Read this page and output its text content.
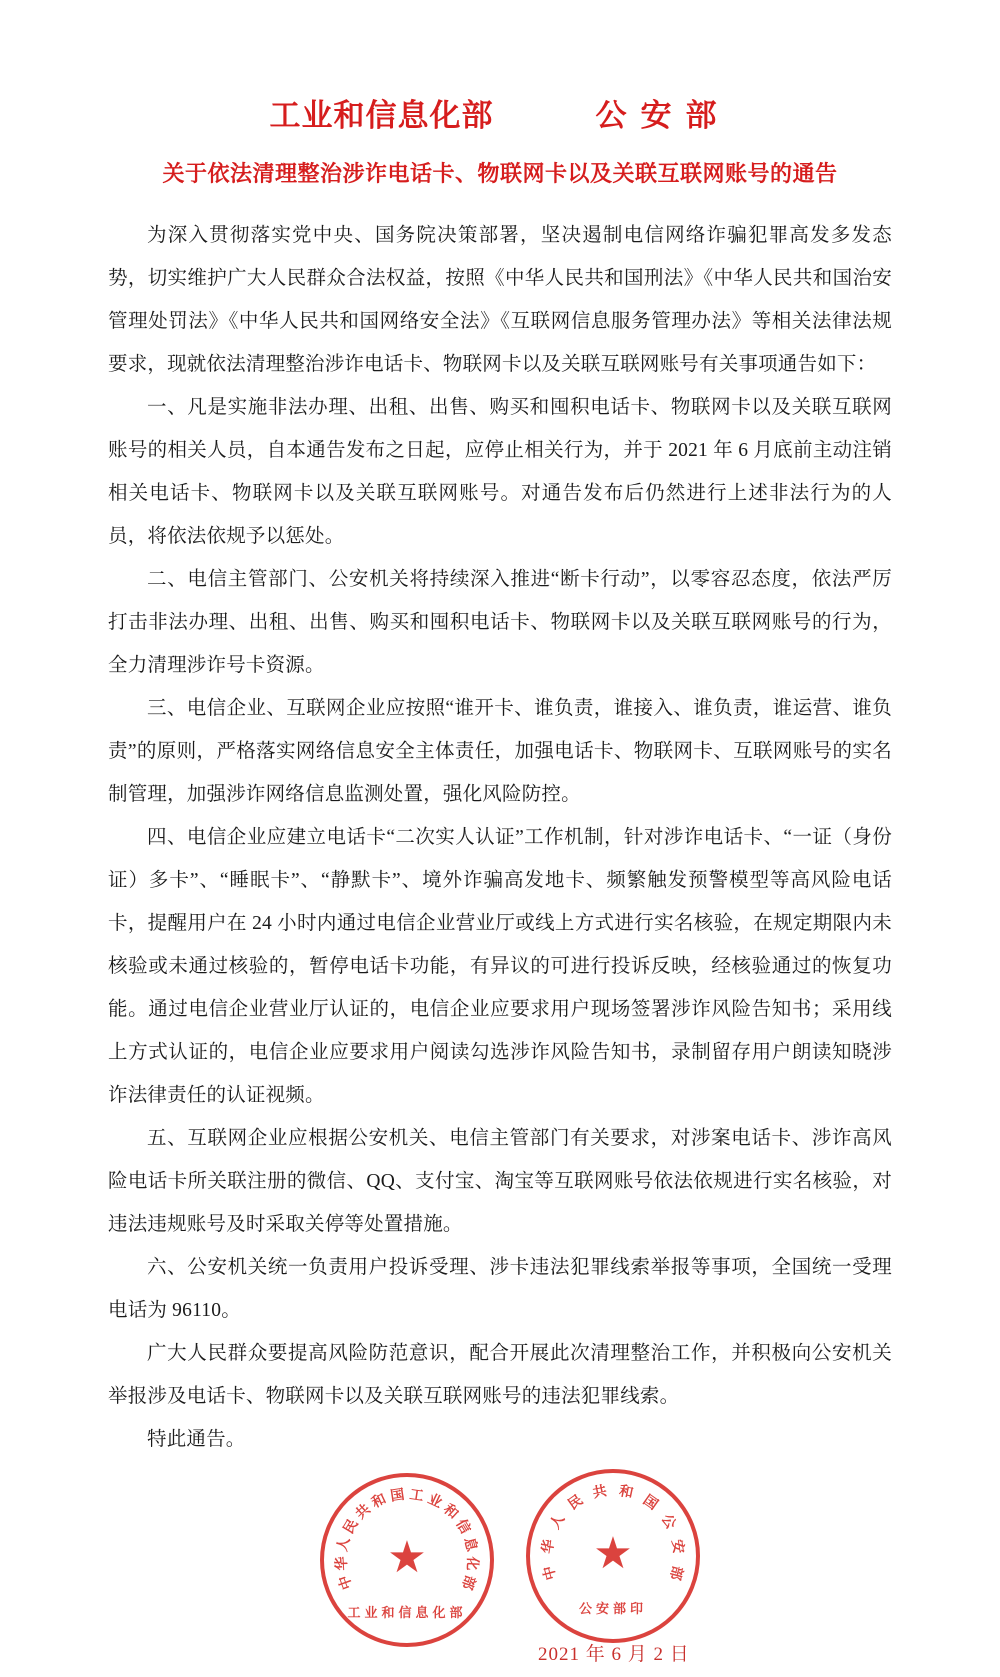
工业和信息化部	公安部
关于依法清理整治涉诈电话卡、物联网卡以及关联互联网账号的通告

为深入贯彻落实党中央、国务院决策部署，坚决遏制电信网络诈骗犯罪高发多发态势，切实维护广大人民群众合法权益，按照《中华人民共和国刑法》《中华人民共和国治安管理处罚法》《中华人民共和国网络安全法》《互联网信息服务管理办法》等相关法律法规要求，现就依法清理整治涉诈电话卡、物联网卡以及关联互联网账号有关事项通告如下：

一、凡是实施非法办理、出租、出售、购买和囤积电话卡、物联网卡以及关联互联网账号的相关人员，自本通告发布之日起，应停止相关行为，并于 2021 年 6 月底前主动注销相关电话卡、物联网卡以及关联互联网账号。对通告发布后仍然进行上述非法行为的人员，将依法依规予以惩处。

二、电信主管部门、公安机关将持续深入推进“断卡行动”，以零容忍态度，依法严厉打击非法办理、出租、出售、购买和囤积电话卡、物联网卡以及关联互联网账号的行为，全力清理涉诈号卡资源。

三、电信企业、互联网企业应按照“谁开卡、谁负责，谁接入、谁负责，谁运营、谁负责”的原则，严格落实网络信息安全主体责任，加强电话卡、物联网卡、互联网账号的实名制管理，加强涉诈网络信息监测处置，强化风险防控。

四、电信企业应建立电话卡“二次实人认证”工作机制，针对涉诈电话卡、“一证（身份证）多卡”、“睡眠卡”、“静默卡”、境外诈骗高发地卡、频繁触发预警模型等高风险电话卡，提醒用户在 24 小时内通过电信企业营业厅或线上方式进行实名核验，在规定期限内未核验或未通过核验的，暂停电话卡功能，有异议的可进行投诉反映，经核验通过的恢复功能。通过电信企业营业厅认证的，电信企业应要求用户现场签署涉诈风险告知书；采用线上方式认证的，电信企业应要求用户阅读勾选涉诈风险告知书，录制留存用户朗读知晓涉诈法律责任的认证视频。

五、互联网企业应根据公安机关、电信主管部门有关要求，对涉案电话卡、涉诈高风险电话卡所关联注册的微信、QQ、支付宝、淘宝等互联网账号依法依规进行实名核验，对违法违规账号及时采取关停等处置措施。

六、公安机关统一负责用户投诉受理、涉卡违法犯罪线索举报等事项，全国统一受理电话为 96110。

广大人民群众要提高风险防范意识，配合开展此次清理整治工作，并积极向公安机关举报涉及电话卡、物联网卡以及关联互联网账号的违法犯罪线索。

特此通告。

中
华
人
民
共
和 国 工 业
和
信
息
化
部
★
工业和信息化部
中
华
人
民
共 和
国
公
安
部
★
公安部印
2021 年 6 月 2 日
